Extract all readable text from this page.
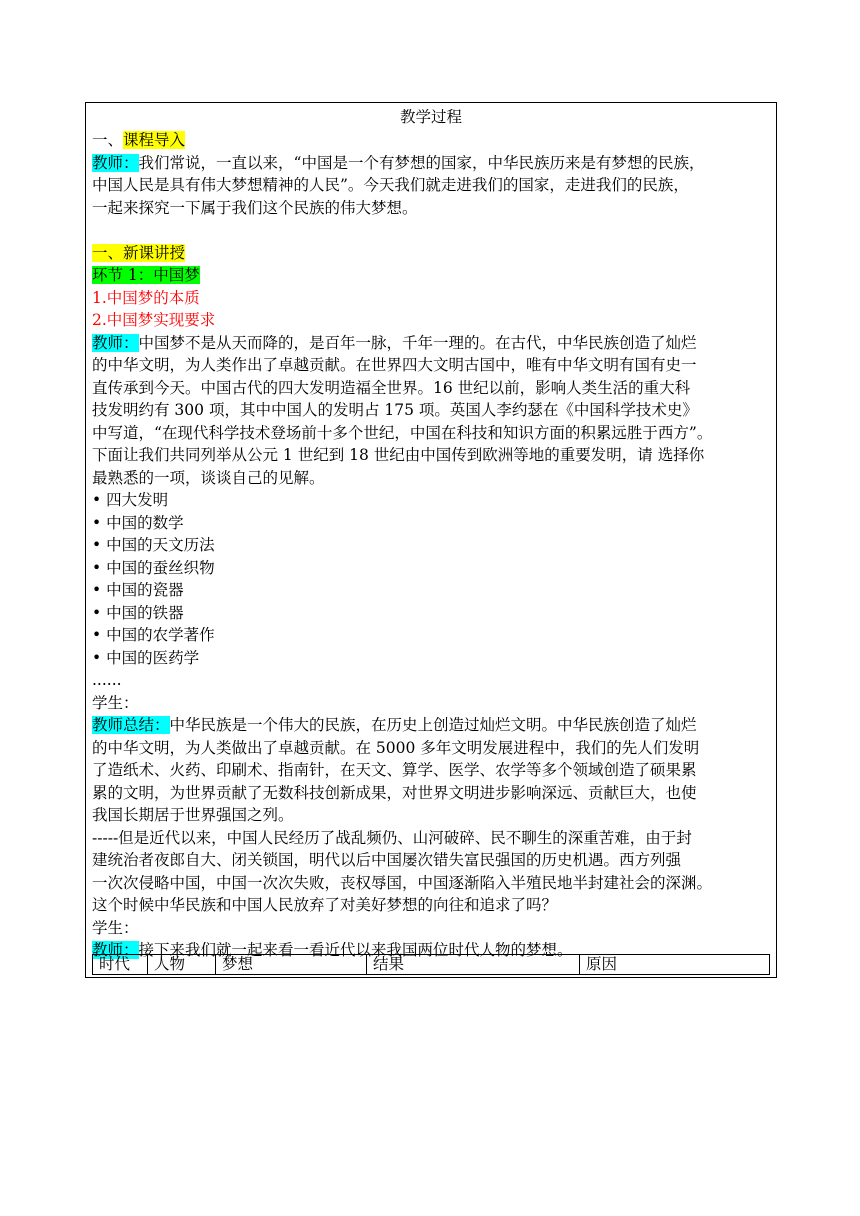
教学过程
一、课程导入
教师：我们常说，一直以来，“中国是一个有梦想的国家，中华民族历来是有梦想的民族，
中国人民是具有伟大梦想精神的人民”。今天我们就走进我们的国家，走进我们的民族，
一起来探究一下属于我们这个民族的伟大梦想。
一、新课讲授
环节 1：中国梦
1.中国梦的本质
2.中国梦实现要求
教师：中国梦不是从天而降的，是百年一脉，千年一理的。在古代，中华民族创造了灿烂
的中华文明，为人类作出了卓越贡献。在世界四大文明古国中，唯有中华文明有国有史一
直传承到今天。中国古代的四大发明造福全世界。16 世纪以前，影响人类生活的重大科
技发明约有 300 项，其中中国人的发明占 175 项。英国人李约瑟在《中国科学技术史》
中写道，“在现代科学技术登场前十多个世纪，中国在科技和知识方面的积累远胜于西方”。
下面让我们共同列举从公元 1 世纪到 18 世纪由中国传到欧洲等地的重要发明，请 选择你
最熟悉的一项，谈谈自己的见解。
• 四大发明
• 中国的数学
• 中国的天文历法
• 中国的蚕丝织物
• 中国的瓷器
• 中国的铁器
• 中国的农学著作
• 中国的医药学
......
学生：
教师总结：中华民族是一个伟大的民族，在历史上创造过灿烂文明。中华民族创造了灿烂
的中华文明，为人类做出了卓越贡献。在 5000 多年文明发展进程中，我们的先人们发明
了造纸术、火药、印刷术、指南针，在天文、算学、医学、农学等多个领域创造了硕果累
累的文明，为世界贡献了无数科技创新成果，对世界文明进步影响深远、贡献巨大，也使
我国长期居于世界强国之列。
-----但是近代以来，中国人民经历了战乱频仍、山河破碎、民不聊生的深重苦难，由于封
建统治者夜郎自大、闭关锁国，明代以后中国屡次错失富民强国的历史机遇。西方列强
一次次侵略中国，中国一次次失败，丧权辱国，中国逐渐陷入半殖民地半封建社会的深渊。
这个时候中华民族和中国人民放弃了对美好梦想的向往和追求了吗？
学生：
教师：接下来我们就一起来看一看近代以来我国两位时代人物的梦想。
时代	人物	梦想	结果	原因
